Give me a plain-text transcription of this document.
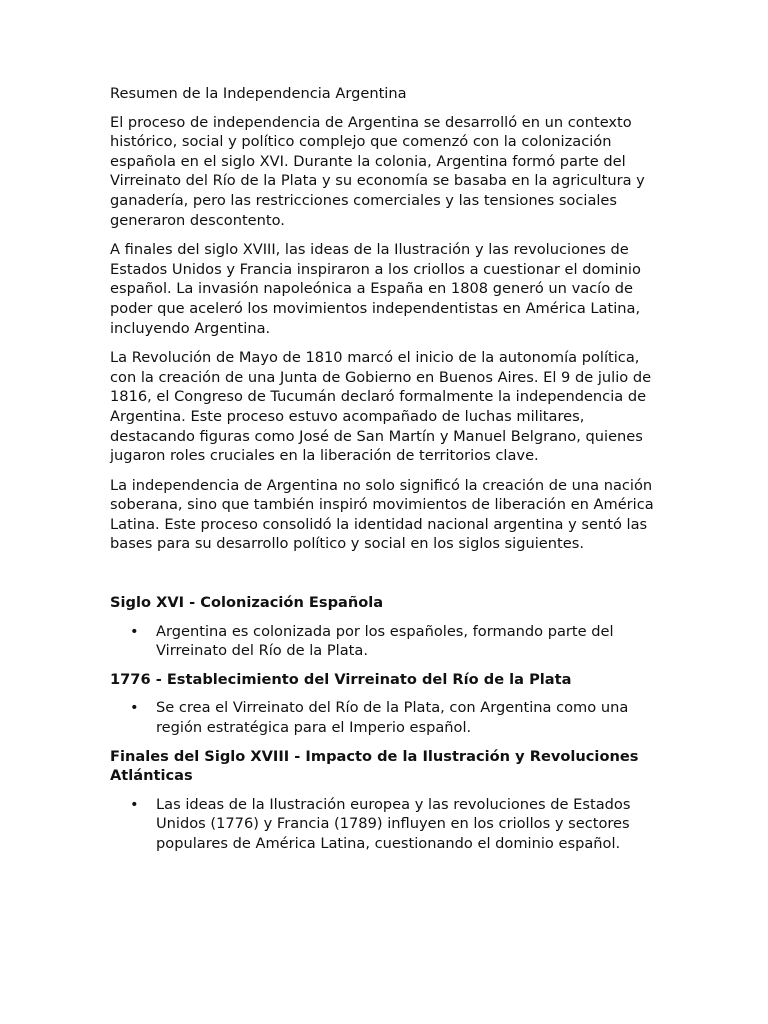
Resumen de la Independencia Argentina

El proceso de independencia de Argentina se desarrolló en un contexto histórico, social y político complejo que comenzó con la colonización española en el siglo XVI. Durante la colonia, Argentina formó parte del Virreinato del Río de la Plata y su economía se basaba en la agricultura y ganadería, pero las restricciones comerciales y las tensiones sociales generaron descontento.

A finales del siglo XVIII, las ideas de la Ilustración y las revoluciones de Estados Unidos y Francia inspiraron a los criollos a cuestionar el dominio español. La invasión napoleónica a España en 1808 generó un vacío de poder que aceleró los movimientos independentistas en América Latina, incluyendo Argentina.

La Revolución de Mayo de 1810 marcó el inicio de la autonomía política, con la creación de una Junta de Gobierno en Buenos Aires. El 9 de julio de 1816, el Congreso de Tucumán declaró formalmente la independencia de Argentina. Este proceso estuvo acompañado de luchas militares, destacando figuras como José de San Martín y Manuel Belgrano, quienes jugaron roles cruciales en la liberación de territorios clave.

La independencia de Argentina no solo significó la creación de una nación soberana, sino que también inspiró movimientos de liberación en América Latina. Este proceso consolidó la identidad nacional argentina y sentó las bases para su desarrollo político y social en los siglos siguientes.

Siglo XVI - Colonización Española
• Argentina es colonizada por los españoles, formando parte del Virreinato del Río de la Plata.
1776 - Establecimiento del Virreinato del Río de la Plata
• Se crea el Virreinato del Río de la Plata, con Argentina como una región estratégica para el Imperio español.
Finales del Siglo XVIII - Impacto de la Ilustración y Revoluciones Atlánticas
• Las ideas de la Ilustración europea y las revoluciones de Estados Unidos (1776) y Francia (1789) influyen en los criollos y sectores populares de América Latina, cuestionando el dominio español.
